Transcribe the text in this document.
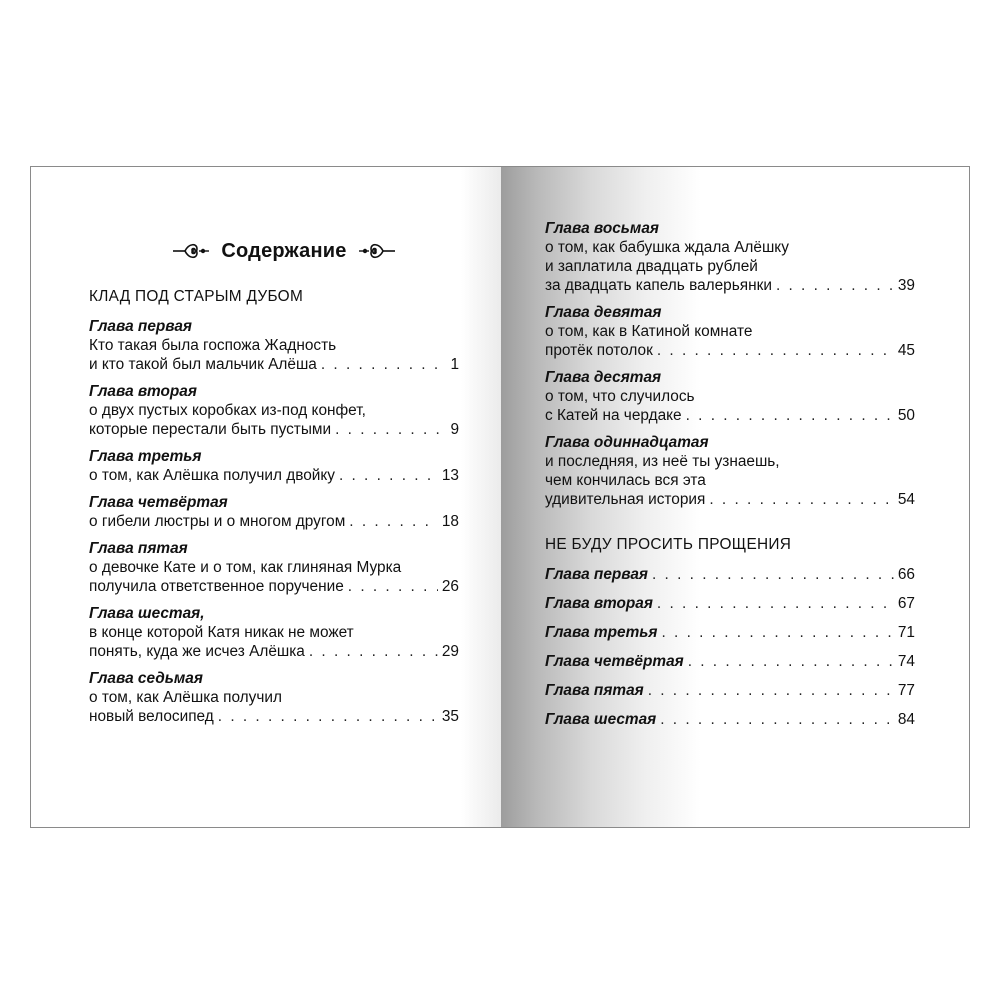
Содержание
КЛАД ПОД СТАРЫМ ДУБОМ
Глава первая
Кто такая была госпожа Жадность
и кто такой был мальчик Алёша . . .	1
Глава вторая
о двух пустых коробках из-под конфет,
которые перестали быть пустыми . . .	9
Глава третья
о том, как Алёшка получил двойку . . .	13
Глава четвёртая
о гибели люстры и о многом другом . . .	18
Глава пятая
о девочке Кате и о том, как глиняная Мурка
получила ответственное поручение . . .	26
Глава шестая,
в конце которой Катя никак не может
понять, куда же исчез Алёшка . . .	29
Глава седьмая
о том, как Алёшка получил
новый велосипед . . .	35
Глава восьмая
о том, как бабушка ждала Алёшку
и заплатила двадцать рублей
за двадцать капель валерьянки . . .	39
Глава девятая
о том, как в Катиной комнате
протёк потолок . . .	45
Глава десятая
о том, что случилось
с Катей на чердаке . . .	50
Глава одиннадцатая
и последняя, из неё ты узнаешь,
чем кончилась вся эта
удивительная история . . .	54
НЕ БУДУ ПРОСИТЬ ПРОЩЕНИЯ
Глава первая . . .	66
Глава вторая . . .	67
Глава третья . . .	71
Глава четвёртая . . .	74
Глава пятая . . .	77
Глава шестая . . .	84
